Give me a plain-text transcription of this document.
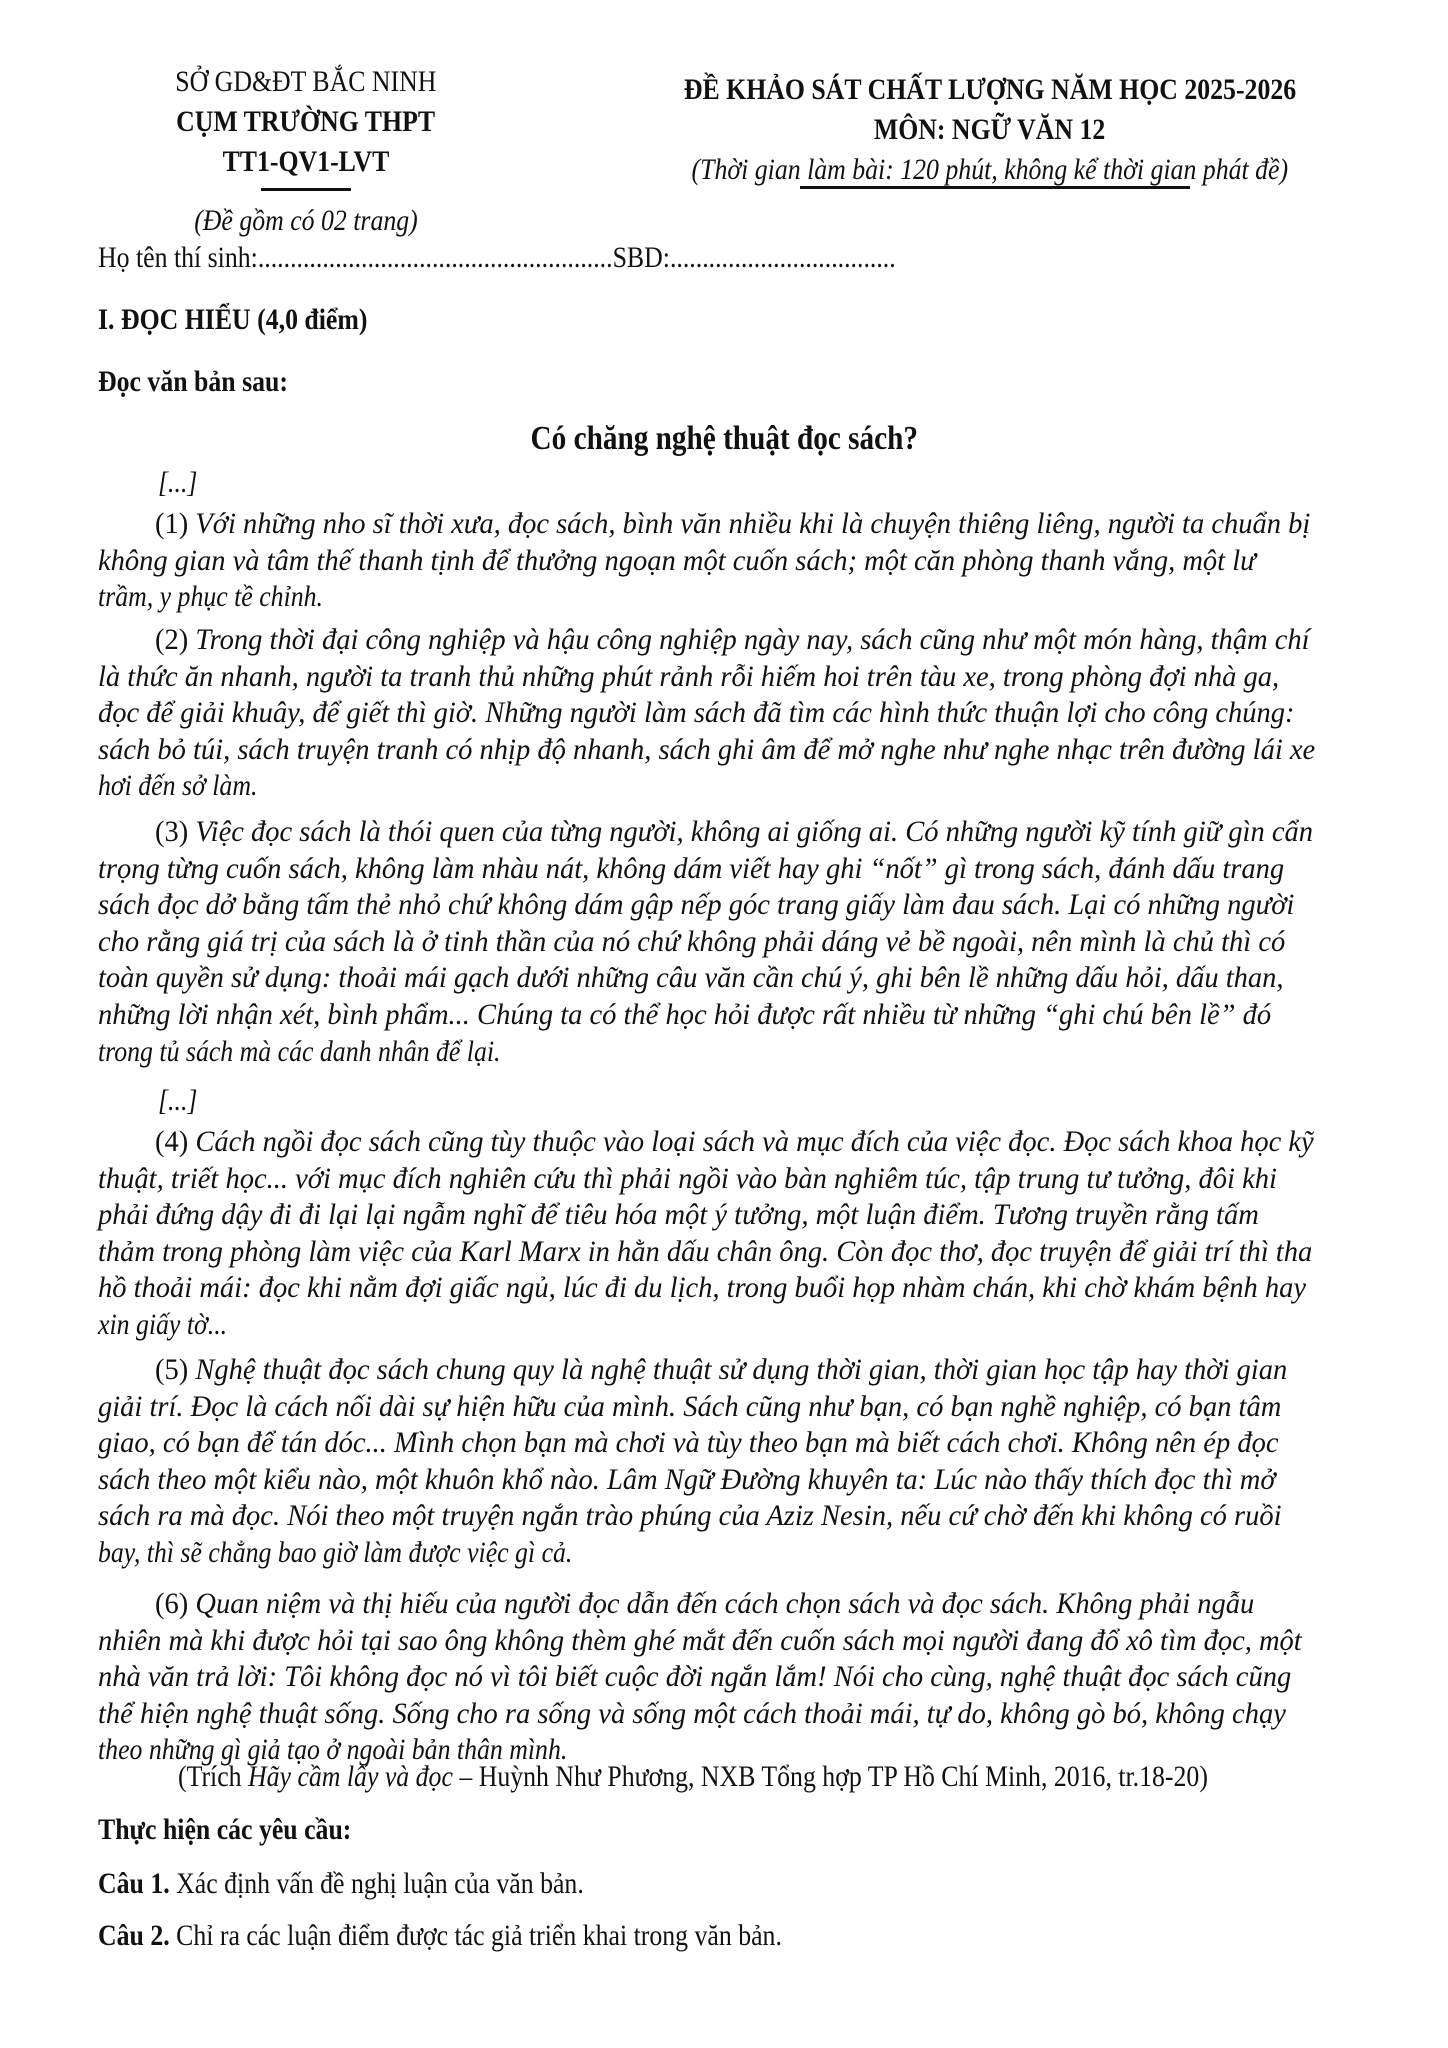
SỞ GD&ĐT BẮC NINH
CỤM TRƯỜNG THPT
TT1-QV1-LVT
(Đề gồm có 02 trang)
ĐỀ KHẢO SÁT CHẤT LƯỢNG NĂM HỌC 2025-2026
MÔN: NGỮ VĂN 12
(Thời gian làm bài: 120 phút, không kể thời gian phát đề)
Họ tên thí sinh:.......................................................SBD:...................................
I. ĐỌC HIỂU (4,0 điểm)
Đọc văn bản sau:
Có chăng nghệ thuật đọc sách?
[...]
(1) Với những nho sĩ thời xưa, đọc sách, bình văn nhiều khi là chuyện thiêng liêng, người ta chuẩn bị
không gian và tâm thế thanh tịnh để thưởng ngoạn một cuốn sách; một căn phòng thanh vắng, một lư
trầm, y phục tề chỉnh.
(2) Trong thời đại công nghiệp và hậu công nghiệp ngày nay, sách cũng như một món hàng, thậm chí
là thức ăn nhanh, người ta tranh thủ những phút rảnh rỗi hiếm hoi trên tàu xe, trong phòng đợi nhà ga,
đọc để giải khuây, để giết thì giờ. Những người làm sách đã tìm các hình thức thuận lợi cho công chúng:
sách bỏ túi, sách truyện tranh có nhịp độ nhanh, sách ghi âm để mở nghe như nghe nhạc trên đường lái xe
hơi đến sở làm.
(3) Việc đọc sách là thói quen của từng người, không ai giống ai. Có những người kỹ tính giữ gìn cẩn
trọng từng cuốn sách, không làm nhàu nát, không dám viết hay ghi “nốt” gì trong sách, đánh dấu trang
sách đọc dở bằng tấm thẻ nhỏ chứ không dám gập nếp góc trang giấy làm đau sách. Lại có những người
cho rằng giá trị của sách là ở tinh thần của nó chứ không phải dáng vẻ bề ngoài, nên mình là chủ thì có
toàn quyền sử dụng: thoải mái gạch dưới những câu văn cần chú ý, ghi bên lề những dấu hỏi, dấu than,
những lời nhận xét, bình phẩm... Chúng ta có thể học hỏi được rất nhiều từ những “ghi chú bên lề” đó
trong tủ sách mà các danh nhân để lại.
[...]
(4) Cách ngồi đọc sách cũng tùy thuộc vào loại sách và mục đích của việc đọc. Đọc sách khoa học kỹ
thuật, triết học... với mục đích nghiên cứu thì phải ngồi vào bàn nghiêm túc, tập trung tư tưởng, đôi khi
phải đứng dậy đi đi lại lại ngẫm nghĩ để tiêu hóa một ý tưởng, một luận điểm. Tương truyền rằng tấm
thảm trong phòng làm việc của Karl Marx in hằn dấu chân ông. Còn đọc thơ, đọc truyện để giải trí thì tha
hồ thoải mái: đọc khi nằm đợi giấc ngủ, lúc đi du lịch, trong buổi họp nhàm chán, khi chờ khám bệnh hay
xin giấy tờ...
(5) Nghệ thuật đọc sách chung quy là nghệ thuật sử dụng thời gian, thời gian học tập hay thời gian
giải trí. Đọc là cách nối dài sự hiện hữu của mình. Sách cũng như bạn, có bạn nghề nghiệp, có bạn tâm
giao, có bạn để tán dóc... Mình chọn bạn mà chơi và tùy theo bạn mà biết cách chơi. Không nên ép đọc
sách theo một kiểu nào, một khuôn khổ nào. Lâm Ngữ Đường khuyên ta: Lúc nào thấy thích đọc thì mở
sách ra mà đọc. Nói theo một truyện ngắn trào phúng của Aziz Nesin, nếu cứ chờ đến khi không có ruồi
bay, thì sẽ chẳng bao giờ làm được việc gì cả.
(6) Quan niệm và thị hiếu của người đọc dẫn đến cách chọn sách và đọc sách. Không phải ngẫu
nhiên mà khi được hỏi tại sao ông không thèm ghé mắt đến cuốn sách mọi người đang đổ xô tìm đọc, một
nhà văn trả lời: Tôi không đọc nó vì tôi biết cuộc đời ngắn lắm! Nói cho cùng, nghệ thuật đọc sách cũng
thể hiện nghệ thuật sống. Sống cho ra sống và sống một cách thoải mái, tự do, không gò bó, không chạy
theo những gì giả tạo ở ngoài bản thân mình.
(Trích Hãy cầm lấy và đọc – Huỳnh Như Phương, NXB Tổng hợp TP Hồ Chí Minh, 2016, tr.18-20)
Thực hiện các yêu cầu:
Câu 1. Xác định vấn đề nghị luận của văn bản.
Câu 2. Chỉ ra các luận điểm được tác giả triển khai trong văn bản.
